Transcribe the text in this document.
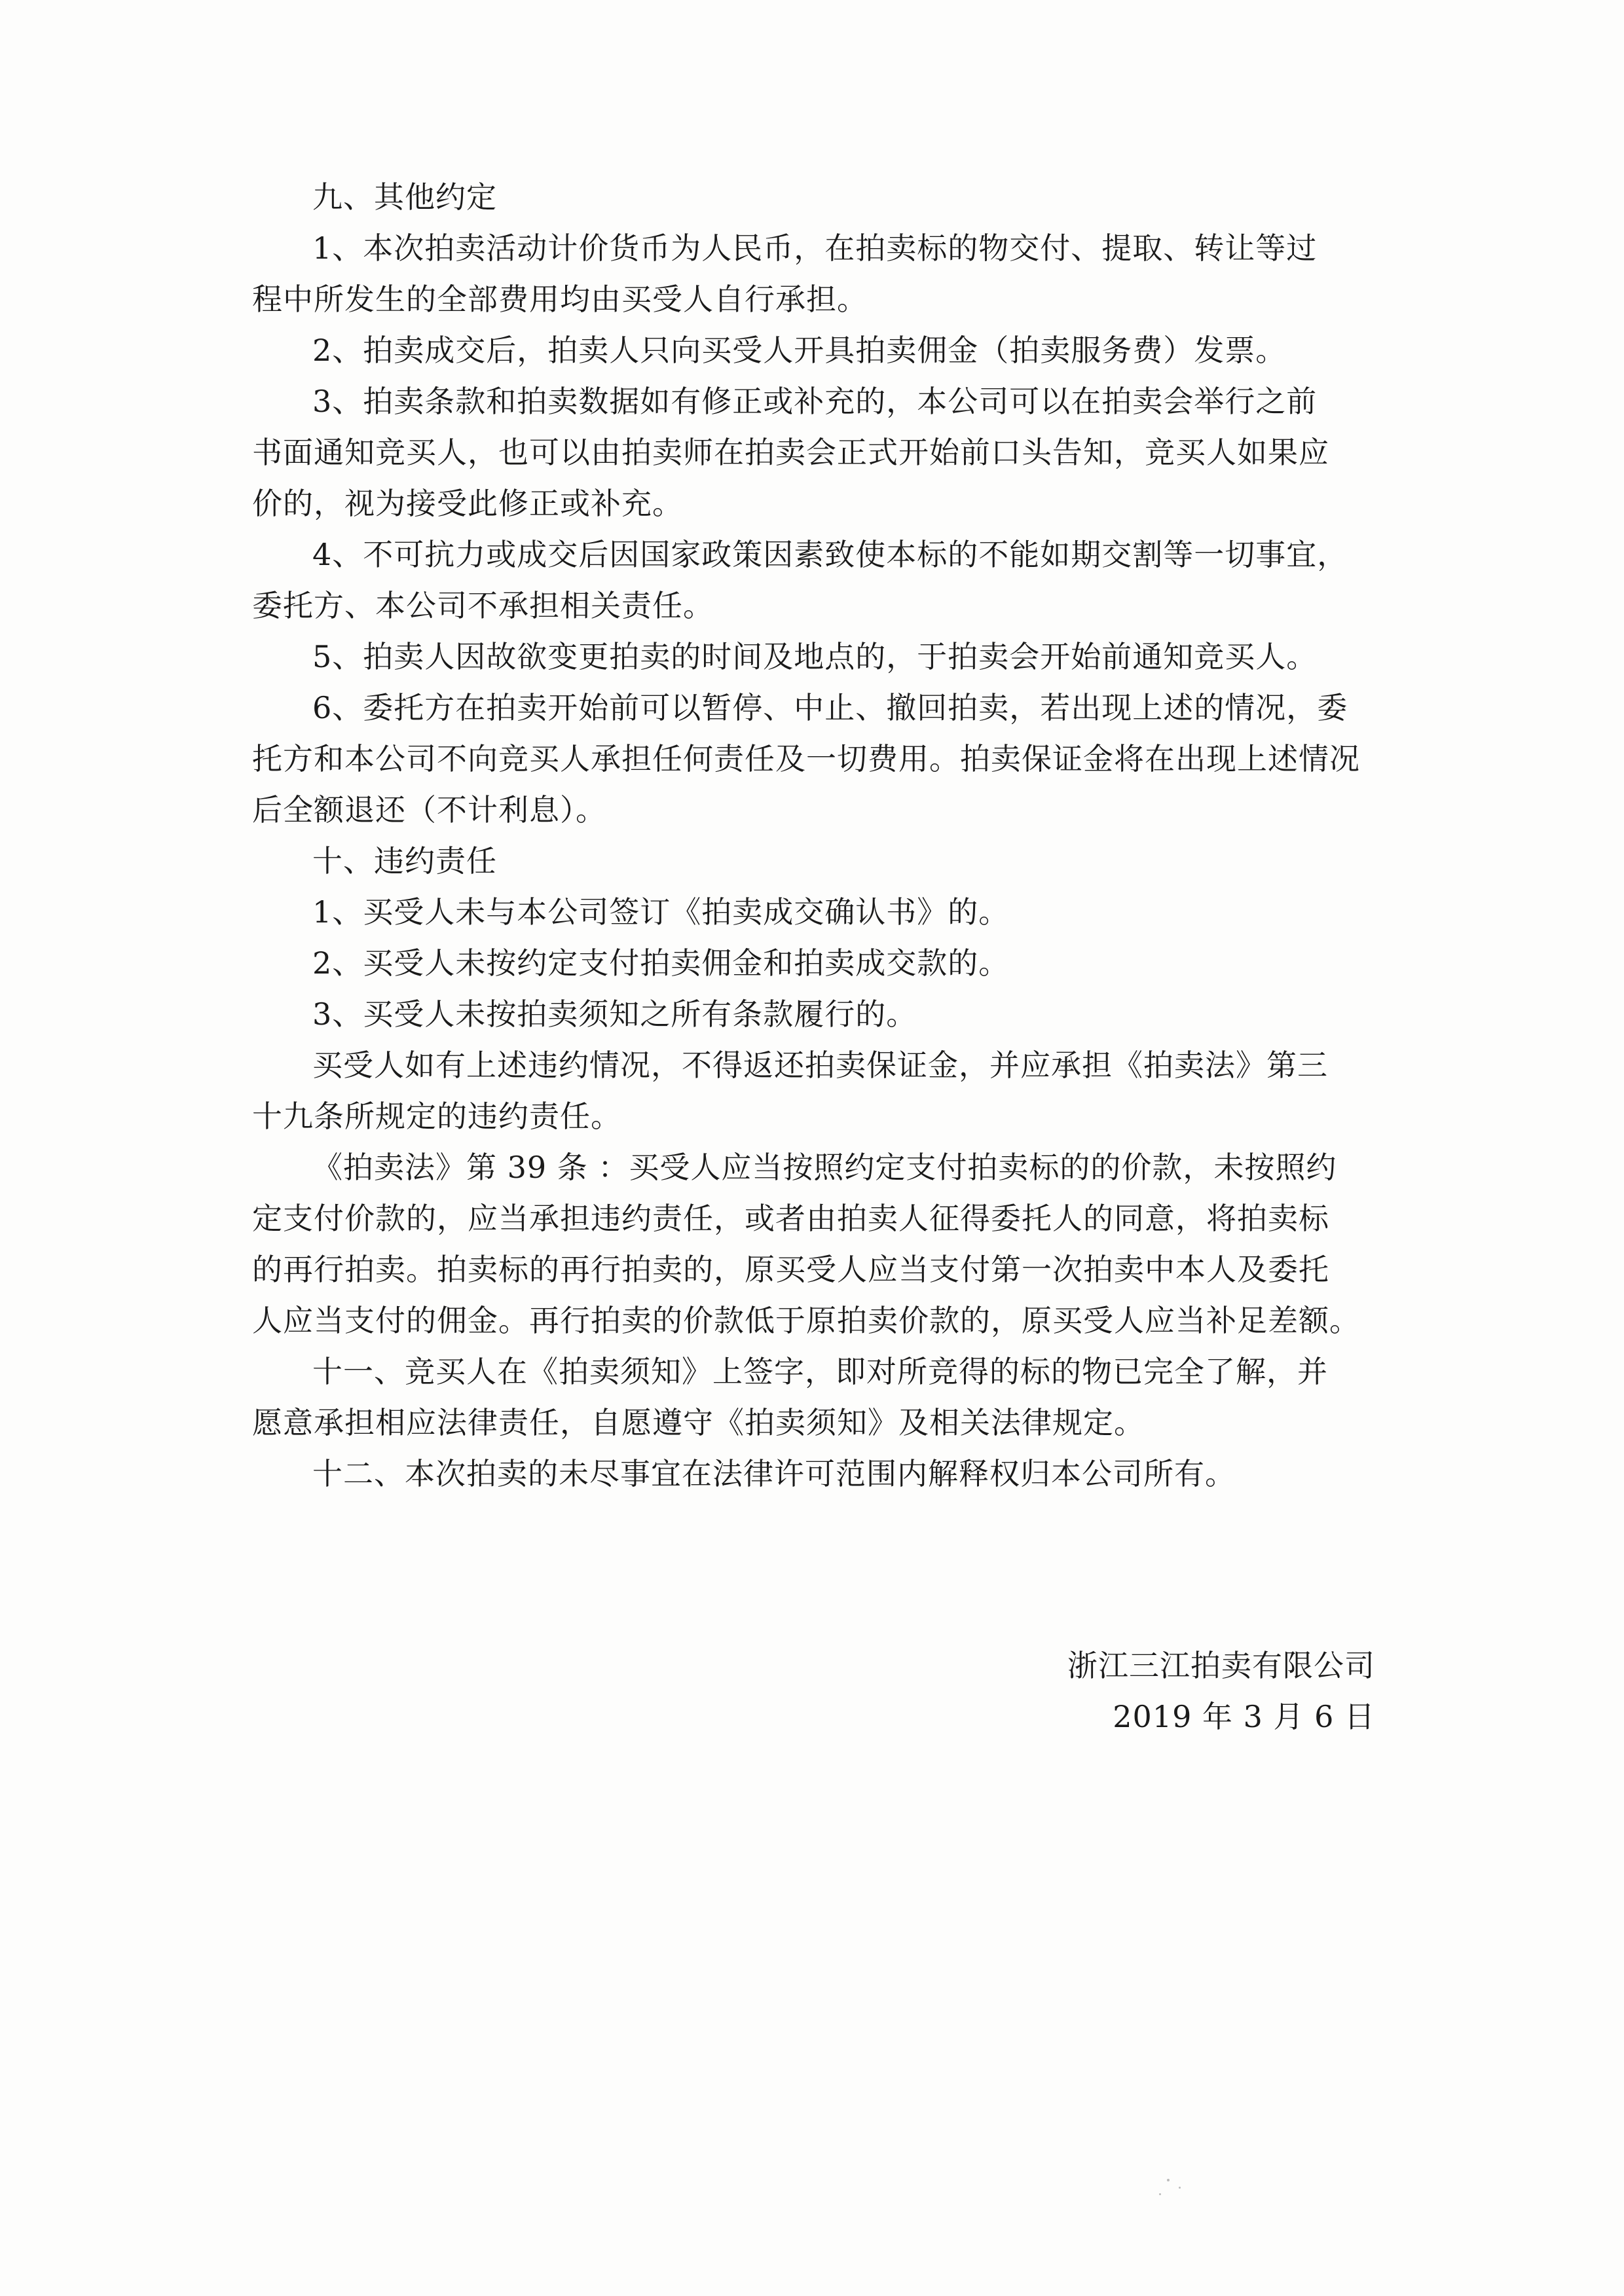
九、其他约定
1、本次拍卖活动计价货币为人民币，在拍卖标的物交付、提取、转让等过
程中所发生的全部费用均由买受人自行承担。
2、拍卖成交后，拍卖人只向买受人开具拍卖佣金（拍卖服务费）发票。
3、拍卖条款和拍卖数据如有修正或补充的，本公司可以在拍卖会举行之前
书面通知竞买人，也可以由拍卖师在拍卖会正式开始前口头告知，竞买人如果应
价的，视为接受此修正或补充。
4、不可抗力或成交后因国家政策因素致使本标的不能如期交割等一切事宜，
委托方、本公司不承担相关责任。
5、拍卖人因故欲变更拍卖的时间及地点的，于拍卖会开始前通知竞买人。
6、委托方在拍卖开始前可以暂停、中止、撤回拍卖，若出现上述的情况，委
托方和本公司不向竞买人承担任何责任及一切费用。拍卖保证金将在出现上述情况
后全额退还（不计利息）。
十、违约责任
1、买受人未与本公司签订《拍卖成交确认书》的。
2、买受人未按约定支付拍卖佣金和拍卖成交款的。
3、买受人未按拍卖须知之所有条款履行的。
买受人如有上述违约情况，不得返还拍卖保证金，并应承担《拍卖法》第三
十九条所规定的违约责任。
《拍卖法》第 39 条 ：买受人应当按照约定支付拍卖标的的价款，未按照约
定支付价款的，应当承担违约责任，或者由拍卖人征得委托人的同意，将拍卖标
的再行拍卖。拍卖标的再行拍卖的，原买受人应当支付第一次拍卖中本人及委托
人应当支付的佣金。再行拍卖的价款低于原拍卖价款的，原买受人应当补足差额。
十一、竞买人在《拍卖须知》上签字，即对所竞得的标的物已完全了解，并
愿意承担相应法律责任，自愿遵守《拍卖须知》及相关法律规定。
十二、本次拍卖的未尽事宜在法律许可范围内解释权归本公司所有。
浙江三江拍卖有限公司
2019 年 3 月 6 日
